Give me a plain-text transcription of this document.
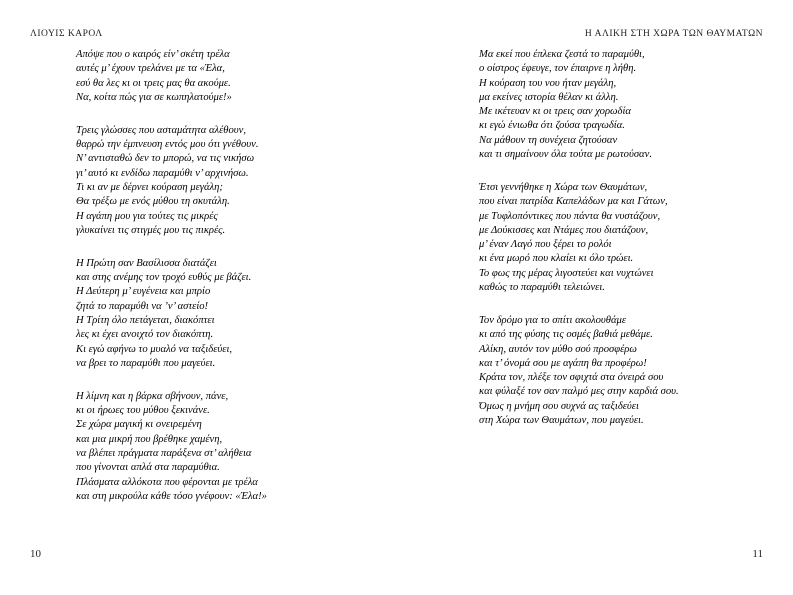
ΛΙΟΥΙΣ ΚΑΡΟΛ
Απόψε που ο καιρός είν’ σκέτη τρέλα
αυτές μ’ έχουν τρελάνει με τα «Έλα,
εσύ θα λες κι οι τρεις μας θα ακούμε.
Να, κοίτα πώς για σε κωπηλατούμε!»
Τρεις γλώσσες που ασταμάτητα αλέθουν,
θαρρώ την έμπνευση εντός μου ότι γνέθουν.
Ν’ αντισταθώ δεν το μπορώ, να τις νικήσω
γι’ αυτό κι ενδίδω παραμύθι ν’ αρχινήσω.
Τι κι αν με δέρνει κούραση μεγάλη;
Θα τρέξω με ενός μύθου τη σκυτάλη.
Η αγάπη μου για τούτες τις μικρές
γλυκαίνει τις στιγμές μου τις πικρές.
Η Πρώτη σαν Βασίλισσα διατάζει
και στης ανέμης τον τροχό ευθύς με βάζει.
Η Δεύτερη μ’ ευγένεια και μπρίο
ζητά το παραμύθι να ’ν’ αστείο!
Η Τρίτη όλο πετάγεται, διακόπτει
λες κι έχει ανοιχτό τον διακόπτη.
Κι εγώ αφήνω το μυαλό να ταξιδεύει,
να βρει το παραμύθι που μαγεύει.
Η λίμνη και η βάρκα σβήνουν, πάνε,
κι οι ήρωες του μύθου ξεκινάνε.
Σε χώρα μαγική κι ονειρεμένη
και μια μικρή που βρέθηκε χαμένη,
να βλέπει πράγματα παράξενα στ’ αλήθεια
που γίνονται απλά στα παραμύθια.
Πλάσματα αλλόκοτα που φέρονται με τρέλα
και στη μικρούλα κάθε τόσο γνέφουν: «Έλα!»
10
Η ΑΛΙΚΗ ΣΤΗ ΧΩΡΑ ΤΩΝ ΘΑΥΜΑΤΩΝ
Μα εκεί που έπλεκα ζεστά το παραμύθι,
ο οίστρος έφευγε, τον έπαιρνε η λήθη.
Η κούραση του νου ήταν μεγάλη,
μα εκείνες ιστορία θέλαν κι άλλη.
Με ικέτευαν κι οι τρεις σαν χορωδία
κι εγώ ένιωθα ότι ζούσα τραγωδία.
Να μάθουν τη συνέχεια ζητούσαν
και τι σημαίνουν όλα τούτα με ρωτούσαν.
Έτσι γεννήθηκε η Χώρα των Θαυμάτων,
που είναι πατρίδα Καπελάδων μα και Γάτων,
με Τυφλοπόντικες που πάντα θα νυστάζουν,
με Δούκισσες και Ντάμες που διατάζουν,
μ’ έναν Λαγό που ξέρει το ρολόι
κι ένα μωρό που κλαίει κι όλο τρώει.
Το φως της μέρας λιγοστεύει και νυχτώνει
καθώς το παραμύθι τελειώνει.
Τον δρόμο για το σπίτι ακολουθάμε
κι από της φύσης τις οσμές βαθιά μεθάμε.
Αλίκη, αυτόν τον μύθο σού προσφέρω
και τ’ όνομά σου με αγάπη θα προφέρω!
Κράτα τον, πλέξε τον σφιχτά στα όνειρά σου
και φύλαξέ τον σαν παλμό μες στην καρδιά σου.
Όμως η μνήμη σου συχνά ας ταξιδεύει
στη Χώρα των Θαυμάτων, που μαγεύει.
11
